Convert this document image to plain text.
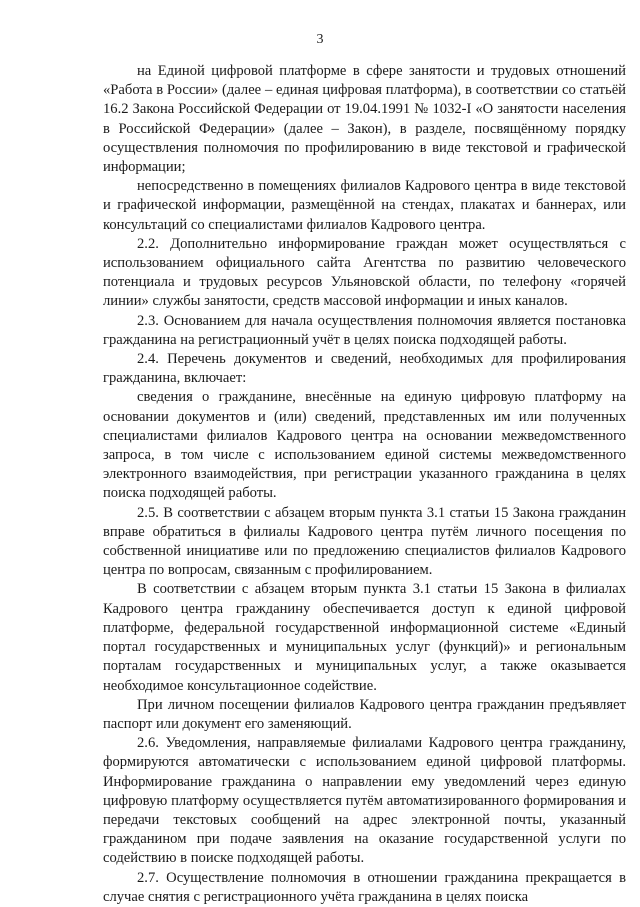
3

на Единой цифровой платформе в сфере занятости и трудовых отношений «Работа в России» (далее – единая цифровая платформа), в соответствии со статьёй 16.2 Закона Российской Федерации от 19.04.1991 № 1032-I «О занятости населения в Российской Федерации» (далее – Закон), в разделе, посвящённому порядку осуществления полномочия по профилированию в виде текстовой и графической информации;

непосредственно в помещениях филиалов Кадрового центра в виде текстовой и графической информации, размещённой на стендах, плакатах и баннерах, или консультаций со специалистами филиалов Кадрового центра.

2.2. Дополнительно информирование граждан может осуществляться с использованием официального сайта Агентства по развитию человеческого потенциала и трудовых ресурсов Ульяновской области, по телефону «горячей линии» службы занятости, средств массовой информации и иных каналов.

2.3. Основанием для начала осуществления полномочия является постановка гражданина на регистрационный учёт в целях поиска подходящей работы.

2.4. Перечень документов и сведений, необходимых для профилирования гражданина, включает:

сведения о гражданине, внесённые на единую цифровую платформу на основании документов и (или) сведений, представленных им или полученных специалистами филиалов Кадрового центра на основании межведомственного запроса, в том числе с использованием единой системы межведомственного электронного взаимодействия, при регистрации указанного гражданина в целях поиска подходящей работы.

2.5. В соответствии с абзацем вторым пункта 3.1 статьи 15 Закона гражданин вправе обратиться в филиалы Кадрового центра путём личного посещения по собственной инициативе или по предложению специалистов филиалов Кадрового центра по вопросам, связанным с профилированием.

В соответствии с абзацем вторым пункта 3.1 статьи 15 Закона в филиалах Кадрового центра гражданину обеспечивается доступ к единой цифровой платформе, федеральной государственной информационной системе «Единый портал государственных и муниципальных услуг (функций)» и региональным порталам государственных и муниципальных услуг, а также оказывается необходимое консультационное содействие.

При личном посещении филиалов Кадрового центра гражданин предъявляет паспорт или документ его заменяющий.

2.6. Уведомления, направляемые филиалами Кадрового центра гражданину, формируются автоматически с использованием единой цифровой платформы. Информирование гражданина о направлении ему уведомлений через единую цифровую платформу осуществляется путём автоматизированного формирования и передачи текстовых сообщений на адрес электронной почты, указанный гражданином при подаче заявления на оказание государственной услуги по содействию в поиске подходящей работы.

2.7. Осуществление полномочия в отношении гражданина прекращается в случае снятия с регистрационного учёта гражданина в целях поиска
